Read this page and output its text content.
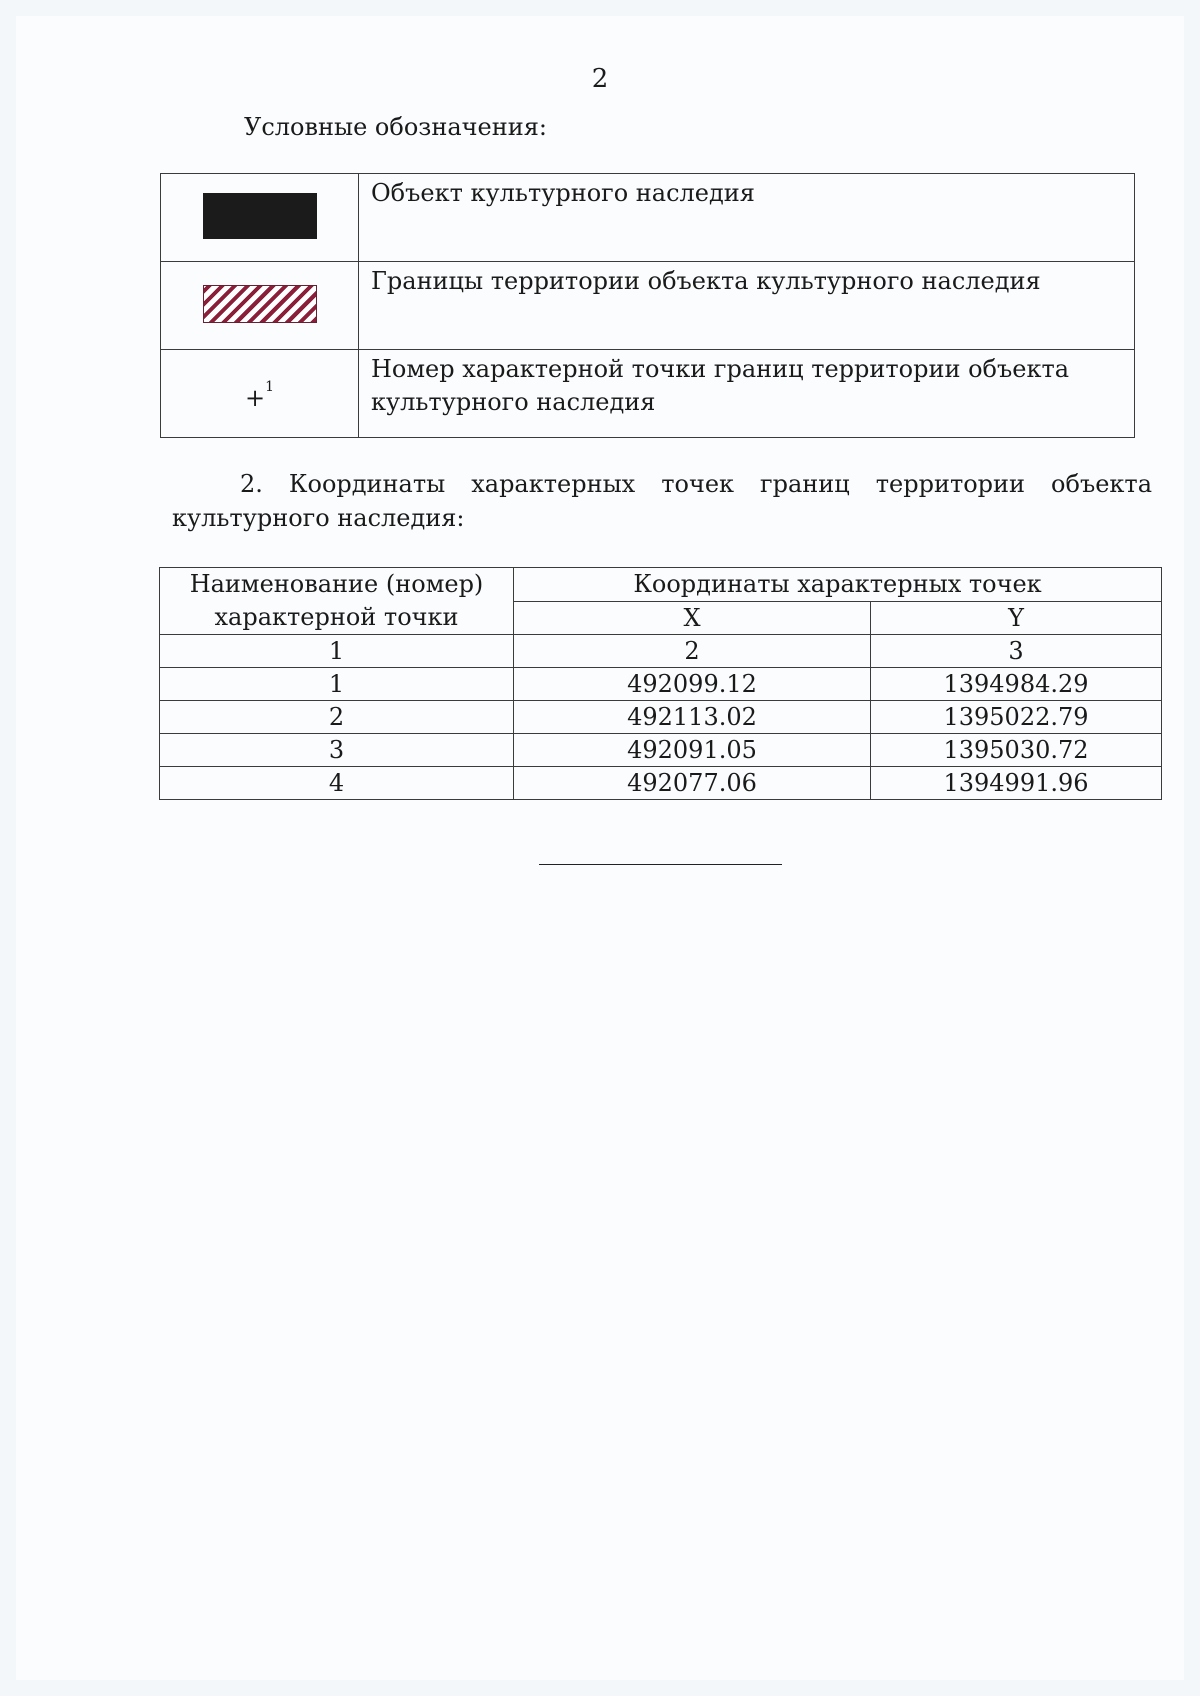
2
Условные обозначения:
	Объект культурного наследия
	Границы территории объекта культурного наследия
+$^1$	Номер характерной точки границ территории объекта культурного наследия
2. Координаты характерных точек границ территории объекта
культурного наследия:
Наименование (номер) характерной точки	Координаты характерных точек	
	X	Y
1	2	3
1	492099.12	1394984.29
2	492113.02	1395022.79
3	492091.05	1395030.72
4	492077.06	1394991.96
